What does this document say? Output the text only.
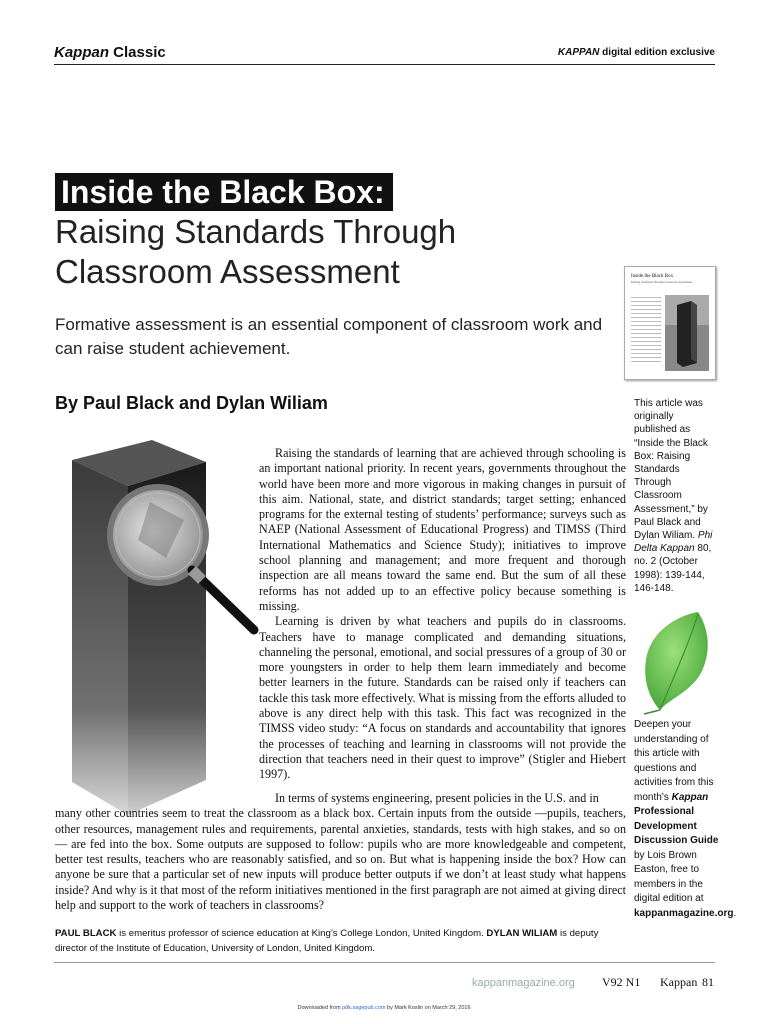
Kappan Classic	KAPPAN digital edition exclusive
Inside the Black Box:
Raising Standards Through
Classroom Assessment
Formative assessment is an essential component of classroom work and
can raise student achievement.
By Paul Black and Dylan Wiliam
Inside the Black Box
Raising Standards Through Classroom Assessment
This article was originally published as “Inside the Black Box: Raising Standards Through Classroom Assessment,” by Paul Black and Dylan Wiliam. Phi Delta Kappan 80, no. 2 (October 1998): 139-144, 146-148.
Deepen your understanding of this article with questions and activities from this month’s Kappan Professional Development Discussion Guide by Lois Brown Easton, free to members in the digital edition at kappanmagazine.org.

Raising the standards of learning that are achieved through schooling is an important national priority. In recent years, governments throughout the world have been more and more vigorous in making changes in pursuit of this aim. National, state, and district standards; target setting; enhanced programs for the external testing of students’ performance; surveys such as NAEP (National Assessment of Educational Progress) and TIMSS (Third International Mathematics and Science Study); initiatives to improve school planning and management; and more frequent and thorough inspection are all means toward the same end. But the sum of all these reforms has not added up to an effective policy because something is missing.

Learning is driven by what teachers and pupils do in classrooms. Teachers have to manage complicated and demanding situations, channeling the personal, emotional, and social pressures of a group of 30 or more youngsters in order to help them learn immediately and become better learners in the future. Standards can be raised only if teachers can tackle this task more effectively. What is missing from the efforts alluded to above is any direct help with this task. This fact was recognized in the TIMSS video study: “A focus on standards and accountability that ignores the processes of teaching and learning in classrooms will not provide the direction that teachers need in their quest to improve” (Stigler and Hiebert 1997).

In terms of systems engineering, present policies in the U.S. and in
many other countries seem to treat the classroom as a black box. Certain inputs from the outside —pupils, teachers, other resources, management rules and requirements, parental anxieties, standards, tests with high stakes, and so on — are fed into the box. Some outputs are supposed to follow: pupils who are more knowledgeable and competent, better test results, teachers who are reasonably satisfied, and so on. But what is happening inside the box? How can anyone be sure that a particular set of new inputs will produce better outputs if we don’t at least study what happens inside? And why is it that most of the reform initiatives mentioned in the first paragraph are not aimed at giving direct help and support to the work of teachers in classrooms?

PAUL BLACK is emeritus professor of science education at King’s College London, United Kingdom. DYLAN WILIAM is deputy director of the Institute of Education, University of London, United Kingdom.
kappanmagazine.org V92 N1 Kappan 81
Downloaded from pdk.sagepub.com by Mark Koslin on March 29, 2016
